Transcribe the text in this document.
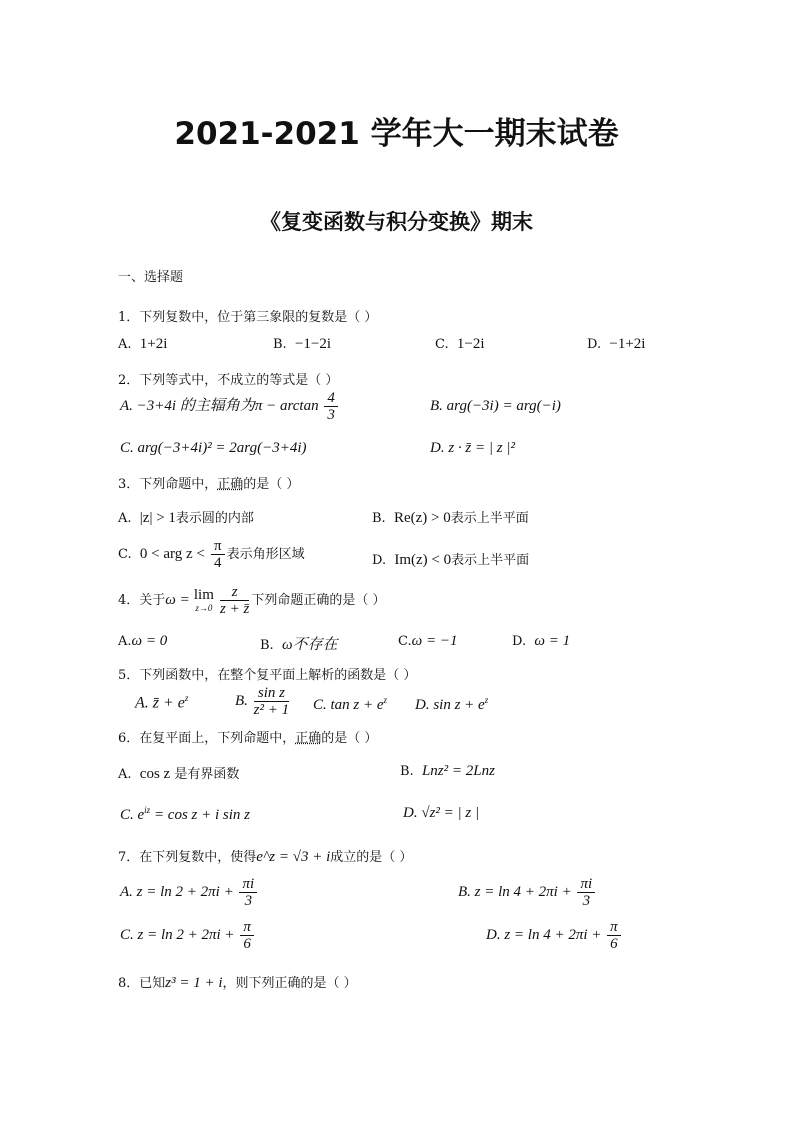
2021-2021 学年大一期末试卷
《复变函数与积分变换》期末
一、选择题
1．下列复数中，位于第三象限的复数是（ ）
A. 1+2i	B. −1−2i	C. 1−2i	D. −1+2i
2．下列等式中，不成立的等式是（ ）
A. −3+4i 的主辐角为$\pi - \arctan \frac{4}{3}$	B. arg(−3i) = arg(−i)
C. arg(−3+4i)² = 2arg(−3+4i)	D. z · z̄ = | z |²
3．下列命题中，正确的是（ ）
A. |z| > 1表示圆的内部	B. Re(z) > 0表示上半平面
C. 0 < arg $z < \frac{\pi}{4}$ 表示角形区域	D. Im(z) < 0表示上半平面
4．关于ω = lim
z→0
$\frac{z}{z + z̄}$ 下列命题正确的是（ ）
A.ω = 0	B. ω不存在	C.ω = −1	D. ω = 1
5．下列函数中，在整个复平面上解析的函数是（ ）
A. z̄ + $e^z$	B. $\frac{\text{sin z}}{\text{z² + 1}} C$. $\tan z + e^z$ D. $\sin z + e^z$
6．在复平面上，下列命题中，正确的是（ ）
A. cos z 是有界函数	B. Lnz² = 2Lnz
C. $e^{iz} = \cos z + i$ sin z	D. √z² = | z |
7．在下列复数中，使得e^z = √3 + i成立的是（ ）
A. $z = \ln 2 + 2\pi i + \frac{\pi i}{3}$	B. $z = \ln 4 + 2\pi i + \frac{\pi i}{3}$
C. $z = \ln 2 + 2\pi i + \frac{\pi}{6}$	D. $z = \ln 4 + 2\pi i + \frac{\pi}{6}$
8．已知z³ = 1 + i，则下列正确的是（ ）
